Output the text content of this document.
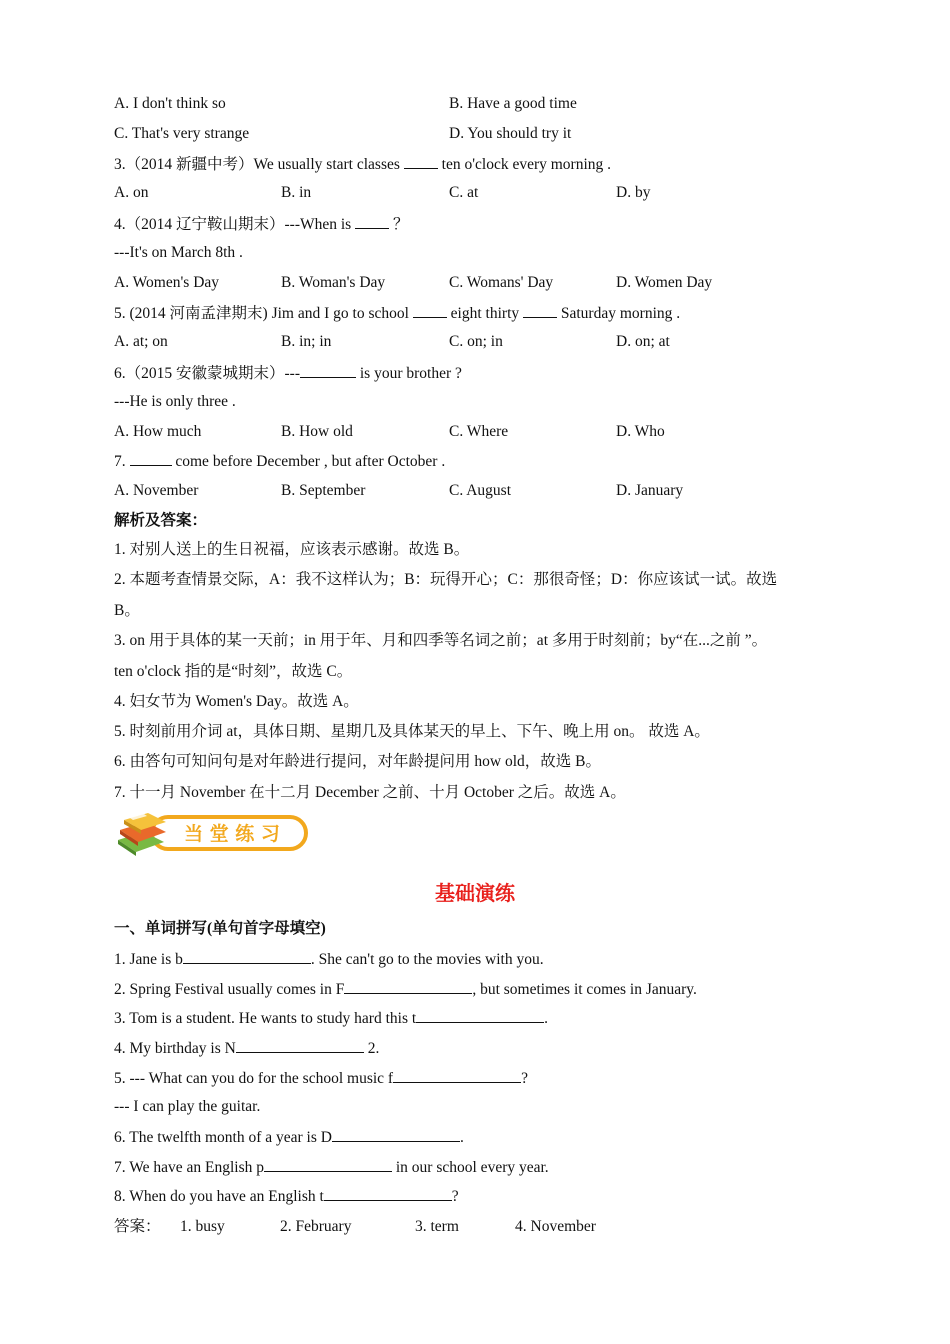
A. I don't think so	B. Have a good time
C. That's very strange	D. You should try it
3.（2014 新疆中考）We usually start classes  ten o'clock every morning .
A. on	B. in	C. at	D. by
4.（2014 辽宁鞍山期末）---When is  ？
---It's on March 8th .
A. Women's Day	B. Woman's Day	C. Womans' Day	D. Women Day
5. (2014 河南孟津期末) Jim and I go to school  eight thirty  Saturday morning .
A. at; on	B. in; in	C. on; in	D. on; at
6.（2015 安徽蒙城期末）---	is your brother ?
---He is only three .
A. How much	B. How old	C. Where	D. Who
7.	come before December , but after October .
A. November	B. September	C. August	D. January
解析及答案：
1. 对别人送上的生日祝福，应该表示感谢。故选 B。
2. 本题考查情景交际，A：我不这样认为；B：玩得开心；C：那很奇怪；D：你应该试一试。故选
B。
3. on 用于具体的某一天前；in 用于年、月和四季等名词之前；at 多用于时刻前；by“在...之前 ”。
ten o'clock 指的是“时刻”，故选 C。
4. 妇女节为 Women's Day。故选 A。
5. 时刻前用介词 at，具体日期、星期几及具体某天的早上、下午、晚上用 on。 故选 A。
6. 由答句可知问句是对年龄进行提问，对年龄提问用 how old，故选 B。
7. 十一月 November 在十二月 December 之前、十月 October 之后。故选 A。
当 堂 练 习
基础演练
一、单词拼写(单句首字母填空)
1. Jane is b	. She can't go to the movies with you.
2. Spring Festival usually comes in F	, but sometimes it comes in January.
3. Tom is a student. He wants to study hard this t	.
4. My birthday is N	2.
5. --- What can you do for the school music f	?
--- I can play the guitar.
6. The twelfth month of a year is D	.
7. We have an English p	in our school every year.
8. When do you have an English t	?
答案： 1. busy	2. February	3. term	4. November
